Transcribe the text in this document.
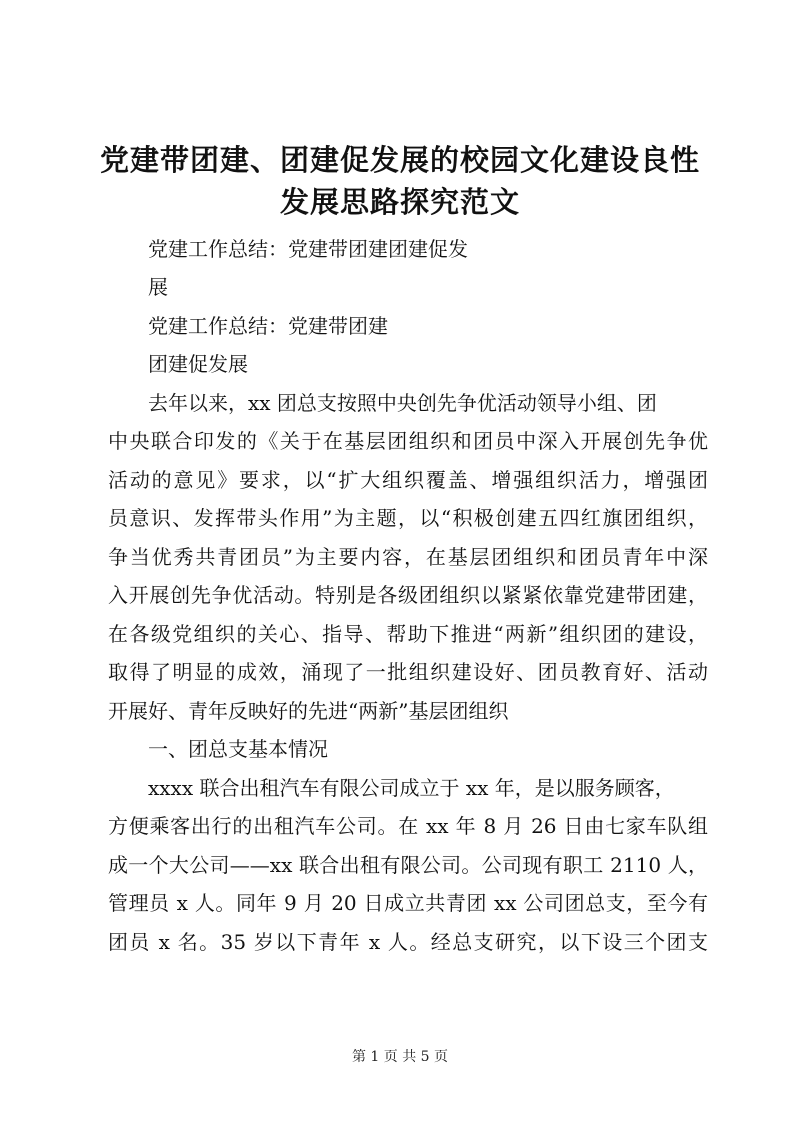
党建带团建、团建促发展的校园文化建设良性
发展思路探究范文
党建工作总结：党建带团建团建促发
展
党建工作总结：党建带团建
团建促发展
去年以来，xx 团总支按照中央创先争优活动领导小组、团
中央联合印发的《关于在基层团组织和团员中深入开展创先争优
活动的意见》要求，以“扩大组织覆盖、增强组织活力，增强团
员意识、发挥带头作用”为主题，以“积极创建五四红旗团组织，
争当优秀共青团员”为主要内容，在基层团组织和团员青年中深
入开展创先争优活动。特别是各级团组织以紧紧依靠党建带团建，
在各级党组织的关心、指导、帮助下推进“两新”组织团的建设，
取得了明显的成效，涌现了一批组织建设好、团员教育好、活动
开展好、青年反映好的先进“两新”基层团组织
一、团总支基本情况
xxxx 联合出租汽车有限公司成立于 xx 年，是以服务顾客，
方便乘客出行的出租汽车公司。在 xx 年 8 月 26 日由七家车队组
成一个大公司——xx 联合出租有限公司。公司现有职工 2110 人，
管理员 x 人。同年 9 月 20 日成立共青团 xx 公司团总支，至今有
团员 x 名。35 岁以下青年 x 人。经总支研究，以下设三个团支
第 1 页 共 5 页
